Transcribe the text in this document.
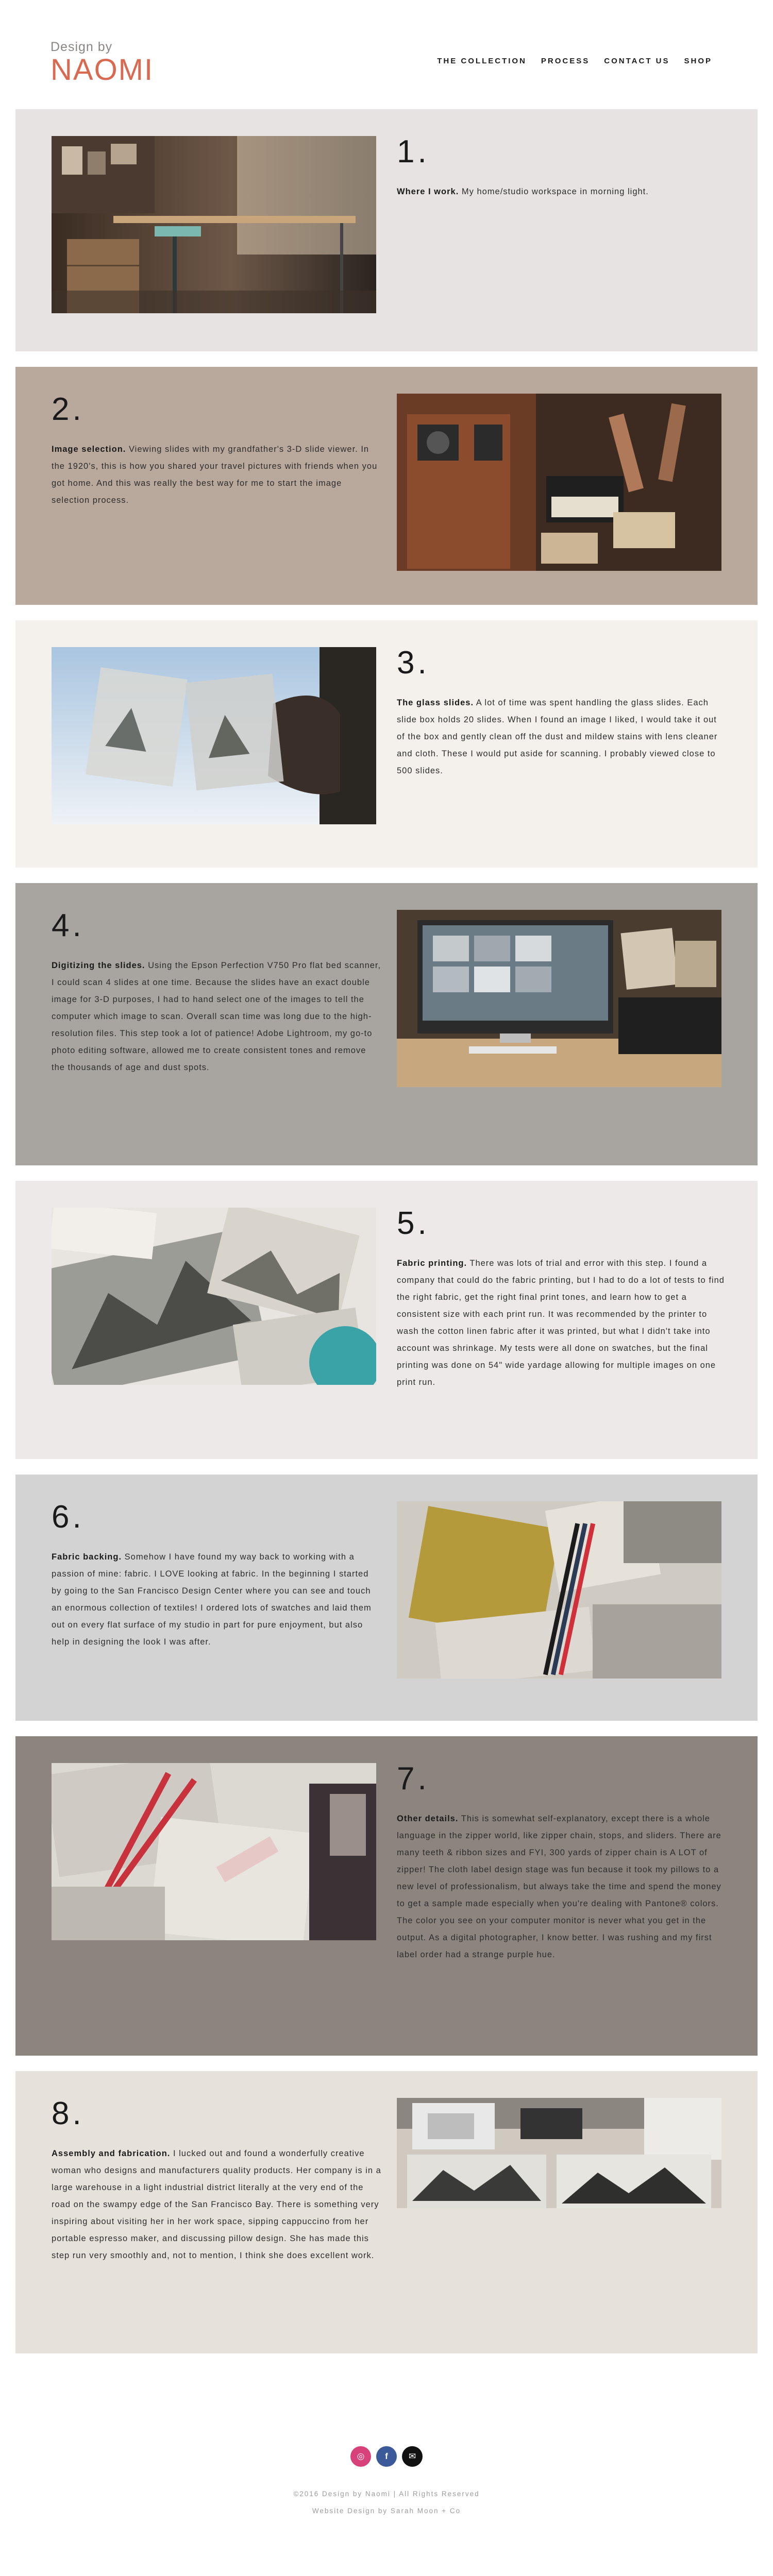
Design by
NAOMI	THE COLLECTION PROCESS CONTACT US SHOP
1.

Where I work. My home/studio workspace in morning light.

2.

Image selection. Viewing slides with my grandfather's 3-D slide viewer. In the 1920's, this is how you shared your travel pictures with friends when you got home. And this was really the best way for me to start the image selection process.

3.

The glass slides. A lot of time was spent handling the glass slides. Each slide box holds 20 slides. When I found an image I liked, I would take it out of the box and gently clean off the dust and mildew stains with lens cleaner and cloth. These I would put aside for scanning. I probably viewed close to 500 slides.

4.

Digitizing the slides. Using the Epson Perfection V750 Pro flat bed scanner, I could scan 4 slides at one time. Because the slides have an exact double image for 3-D purposes, I had to hand select one of the images to tell the computer which image to scan. Overall scan time was long due to the high-resolution files. This step took a lot of patience! Adobe Lightroom, my go-to photo editing software, allowed me to create consistent tones and remove the thousands of age and dust spots.

5.

Fabric printing. There was lots of trial and error with this step. I found a company that could do the fabric printing, but I had to do a lot of tests to find the right fabric, get the right final print tones, and learn how to get a consistent size with each print run. It was recommended by the printer to wash the cotton linen fabric after it was printed, but what I didn't take into account was shrinkage. My tests were all done on swatches, but the final printing was done on 54" wide yardage allowing for multiple images on one print run.

6.

Fabric backing. Somehow I have found my way back to working with a passion of mine: fabric. I LOVE looking at fabric. In the beginning I started by going to the San Francisco Design Center where you can see and touch an enormous collection of textiles! I ordered lots of swatches and laid them out on every flat surface of my studio in part for pure enjoyment, but also help in designing the look I was after.

7.

Other details. This is somewhat self-explanatory, except there is a whole language in the zipper world, like zipper chain, stops, and sliders. There are many teeth & ribbon sizes and FYI, 300 yards of zipper chain is A LOT of zipper! The cloth label design stage was fun because it took my pillows to a new level of professionalism, but always take the time and spend the money to get a sample made especially when you're dealing with Pantone® colors. The color you see on your computer monitor is never what you get in the output. As a digital photographer, I know better. I was rushing and my first label order had a strange purple hue.

8.

Assembly and fabrication. I lucked out and found a wonderfully creative woman who designs and manufacturers quality products. Her company is in a large warehouse in a light industrial district literally at the very end of the road on the swampy edge of the San Francisco Bay. There is something very inspiring about visiting her in her work space, sipping cappuccino from her portable espresso maker, and discussing pillow design. She has made this step run very smoothly and, not to mention, I think she does excellent work.

◎ f ✉
©2016 Design by Naomi | All Rights Reserved
Website Design by Sarah Moon + Co
